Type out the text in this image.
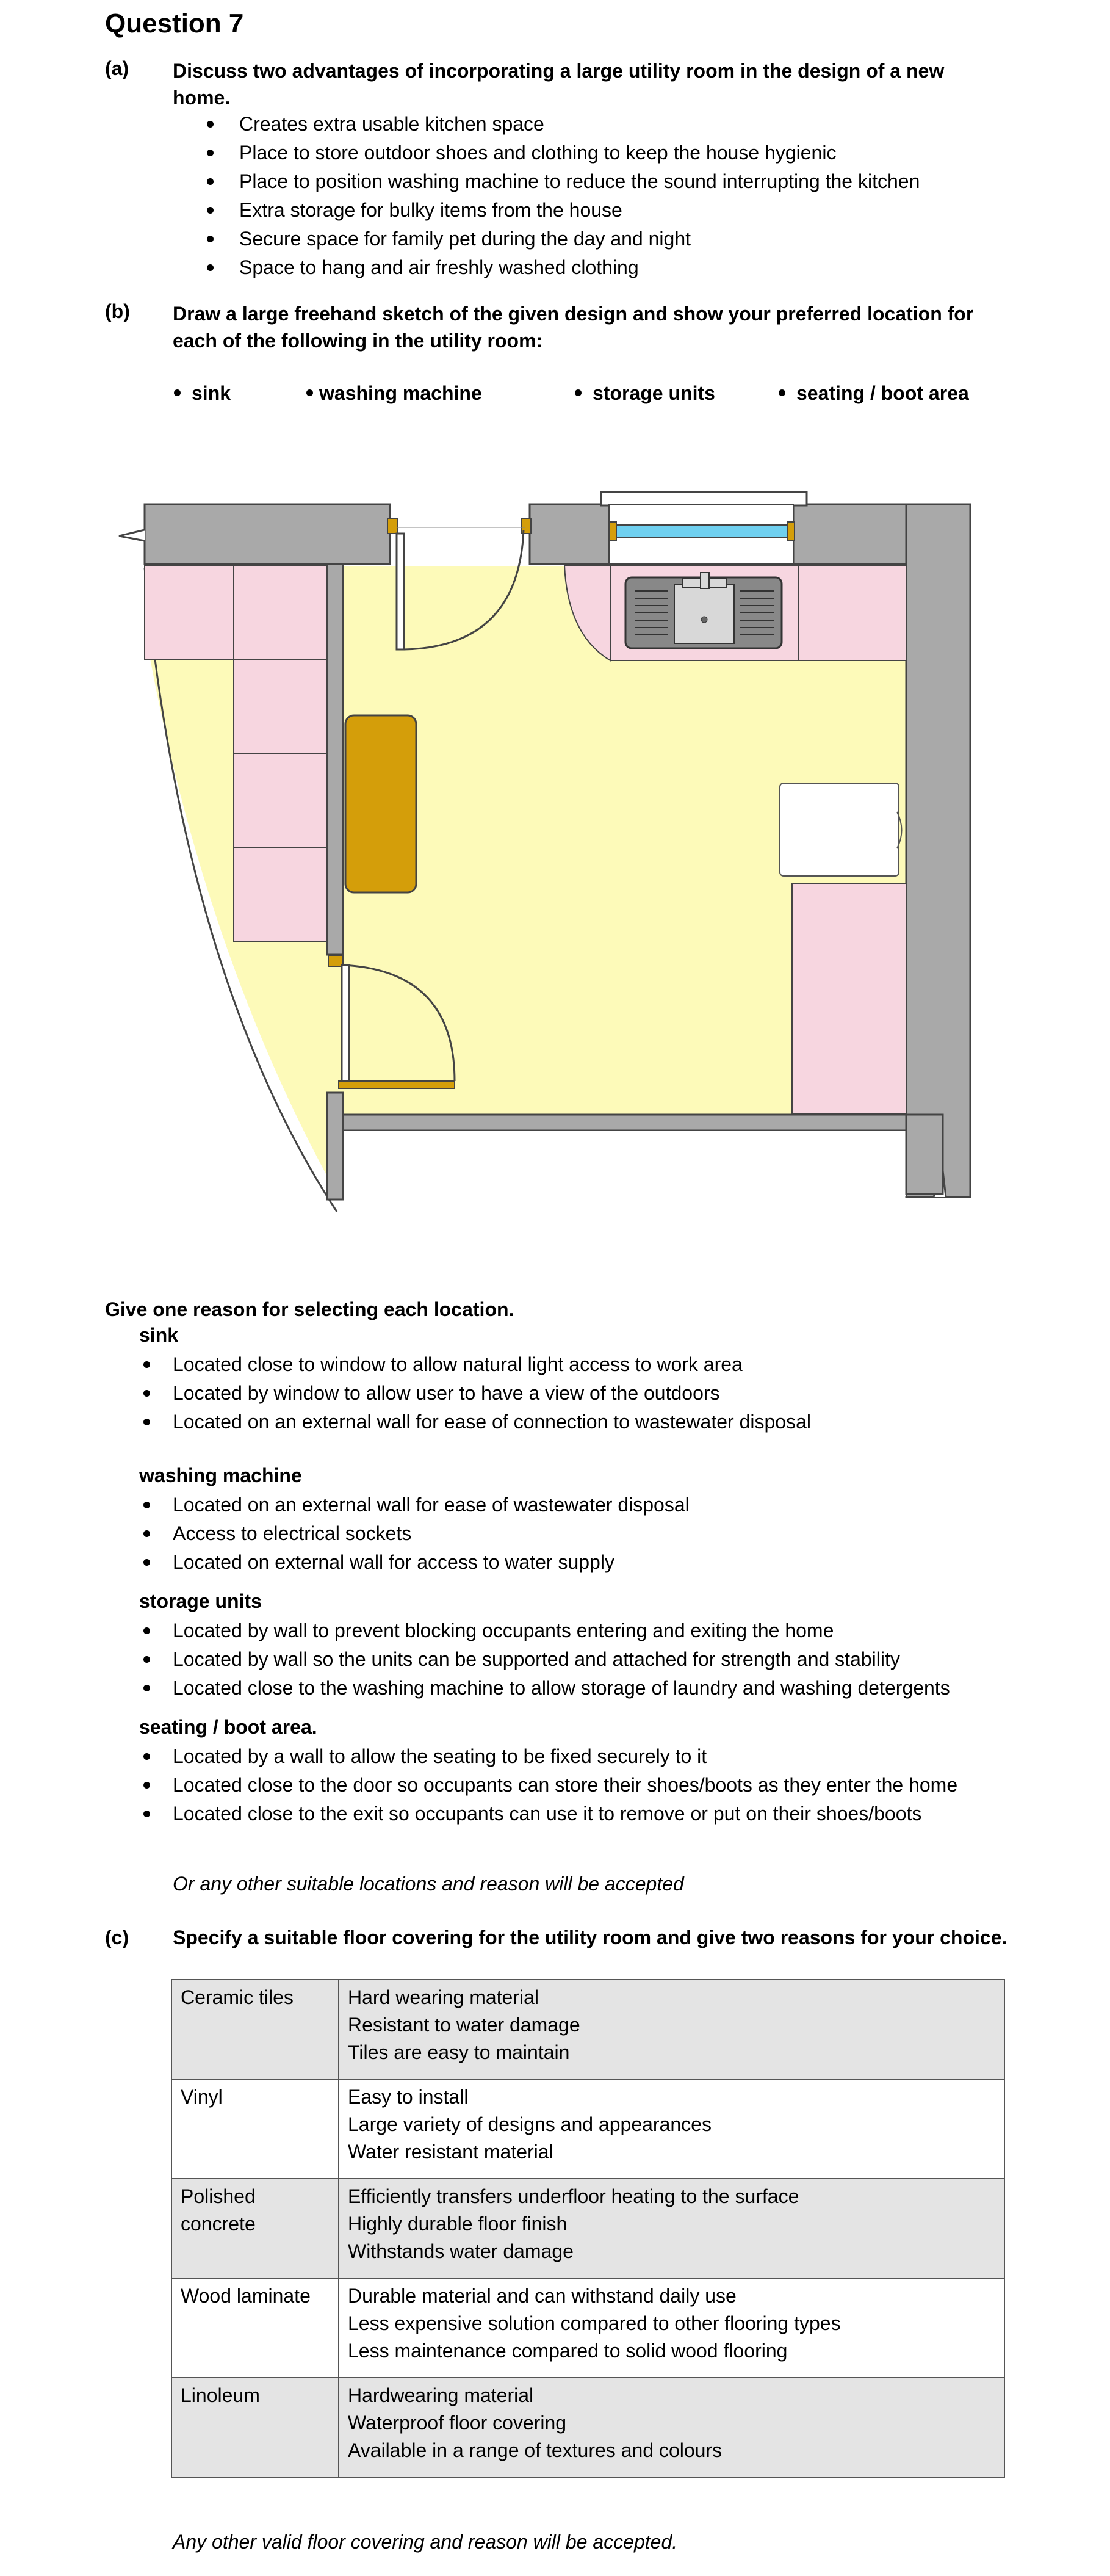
Question 7
(a) Discuss two advantages of incorporating a large utility room in the design of a new home.
Creates extra usable kitchen space
Place to store outdoor shoes and clothing to keep the house hygienic
Place to position washing machine to reduce the sound interrupting the kitchen
Extra storage for bulky items from the house
Secure space for family pet during the day and night
Space to hang and air freshly washed clothing
(b) Draw a large freehand sketch of the given design and show your preferred location for each of the following in the utility room:
sink	washing machine	storage units	seating / boot area
Give one reason for selecting each location.
sink
Located close to window to allow natural light access to work area
Located by window to allow user to have a view of the outdoors
Located on an external wall for ease of connection to wastewater disposal
washing machine
Located on an external wall for ease of wastewater disposal
Access to electrical sockets
Located on external wall for access to water supply
storage units
Located by wall to prevent blocking occupants entering and exiting the home
Located by wall so the units can be supported and attached for strength and stability
Located close to the washing machine to allow storage of laundry and washing detergents
seating / boot area.
Located by a wall to allow the seating to be fixed securely to it
Located close to the door so occupants can store their shoes/boots as they enter the home
Located close to the exit so occupants can use it to remove or put on their shoes/boots
Or any other suitable locations and reason will be accepted
(c) Specify a suitable floor covering for the utility room and give two reasons for your choice.
Ceramic tiles	Hard wearing material
Resistant to water damage
Tiles are easy to maintain

Vinyl	Easy to install
Large variety of designs and appearances
Water resistant material

Polished concrete	Efficiently transfers underfloor heating to the surface
Highly durable floor finish
Withstands water damage

Wood laminate	Durable material and can withstand daily use
Less expensive solution compared to other flooring types
Less maintenance compared to solid wood flooring

Linoleum	Hardwearing material
Waterproof floor covering
Available in a range of textures and colours
Any other valid floor covering and reason will be accepted.
